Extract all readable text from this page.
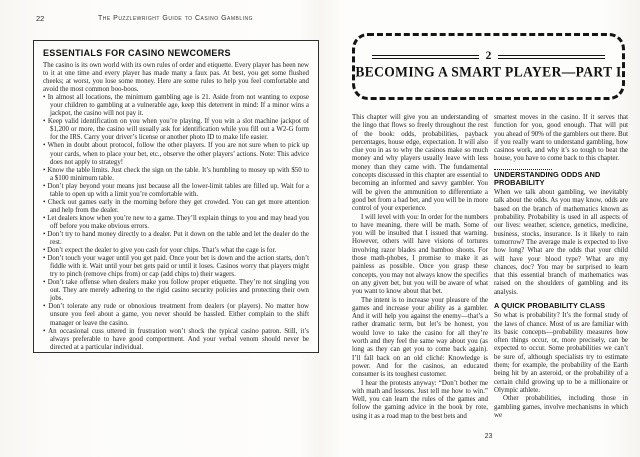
22	The Puzzlewright Guide to Casino Gambling
ESSENTIALS FOR CASINO NEWCOMERS

The casino is its own world with its own rules of order and etiquette. Every player has been new to it at one time and every player has made many a faux pas. At best, you get some flushed cheeks; at worst, you lose some money. Here are some rules to help you feel comfortable and avoid the most common boo-boos.

• In almost all locations, the minimum gambling age is 21. Aside from not wanting to expose your children to gambling at a vulnerable age, keep this deterrent in mind: If a minor wins a jackpot, the casino will not pay it.
• Keep valid identification on you when you’re playing. If you win a slot machine jackpot of $1,200 or more, the casino will usually ask for identification while you fill out a W2-G form for the IRS. Carry your driver’s license or another photo ID to make life easier.
• When in doubt about protocol, follow the other players. If you are not sure when to pick up your cards, when to place your bet, etc., observe the other players’ actions. Note: This advice does not apply to strategy!
• Know the table limits. Just check the sign on the table. It’s humbling to mosey up with $50 to a $100 minimum table.
• Don’t play beyond your means just because all the lower-limit tables are filled up. Wait for a table to open up with a limit you’re comfortable with.
• Check out games early in the morning before they get crowded. You can get more attention and help from the dealer.
• Let dealers know when you’re new to a game. They’ll explain things to you and may head you off before you make obvious errors.
• Don’t try to hand money directly to a dealer. Put it down on the table and let the dealer do the rest.
• Don’t expect the dealer to give you cash for your chips. That’s what the cage is for.
• Don’t touch your wager until you get paid. Once your bet is down and the action starts, don’t fiddle with it. Wait until your bet gets paid or until it loses. Casinos worry that players might try to pinch (remove chips from) or cap (add chips to) their wagers.
• Don’t take offense when dealers make you follow proper etiquette. They’re not singling you out. They are merely adhering to the rigid casino security policies and protecting their own jobs.
• Don’t tolerate any rude or obnoxious treatment from dealers (or players). No matter how unsure you feel about a game, you never should be hassled. Either complain to the shift manager or leave the casino.
• An occasional cuss uttered in frustration won’t shock the typical casino patron. Still, it’s always preferable to have good comportment. And your verbal venom should never be directed at a particular individual.
2
BECOMING A SMART PLAYER—PART I

This chapter will give you an understanding of the lingo that flows so freely throughout the rest of the book: odds, probabilities, payback percentages, house edge, expectation. It will also clue you in as to why the casinos make so much money and why players usually leave with less money than they came with. The fundamental concepts discussed in this chapter are essential to becoming an informed and savvy gambler. You will be given the ammunition to differentiate a good bet from a bad bet, and you will be in more control of your experience.

I will level with you: In order for the numbers to have meaning, there will be math. Some of you will be insulted that I issued that warning. However, others will have visions of tortures involving razor blades and bamboo shoots. For those math-phobes, I promise to make it as painless as possible. Once you grasp these concepts, you may not always know the specifics on any given bet, but you will be aware of what you want to know about that bet.

The intent is to increase your pleasure of the games and increase your ability as a gambler. And it will help you against the enemy—that’s a rather dramatic term, but let’s be honest, you would love to take the casino for all they’re worth and they feel the same way about you (as long as they can get you to come back again). I’ll fall back on an old cliché: Knowledge is power. And for the casinos, an educated consumer is its toughest customer.

I hear the protests anyway: “Don’t bother me with math and lessons. Just tell me how to win.” Well, you can learn the rules of the games and follow the gaming advice in the book by rote, using it as a road map to the best bets and

smartest moves in the casino. If it serves that function for you, good enough. That will put you ahead of 90% of the gamblers out there. But if you really want to understand gambling, how casinos work, and why it’s so tough to beat the house, you have to come back to this chapter.

UNDERSTANDING ODDS AND PROBABILITY

When we talk about gambling, we inevitably talk about the odds. As you may know, odds are based on the branch of mathematics known as probability. Probability is used in all aspects of our lives: weather, science, genetics, medicine, business, stocks, insurance. Is it likely to rain tomorrow? The average male is expected to live how long? What are the odds that your child will have your blood type? What are my chances, doc? You may be surprised to learn that this essential branch of mathematics was raised on the shoulders of gambling and its analysis.

A QUICK PROBABILITY CLASS

So what is probability? It’s the formal study of the laws of chance. Most of us are familiar with its basic concepts—probability measures how often things occur, or, more precisely, can be expected to occur. Some probabilities we can’t be sure of, although specialists try to estimate them; for example, the probability of the Earth being hit by an asteroid, or the probability of a certain child growing up to be a millionaire or Olympic athlete.

Other probabilities, including those in gambling games, involve mechanisms in which we

23
